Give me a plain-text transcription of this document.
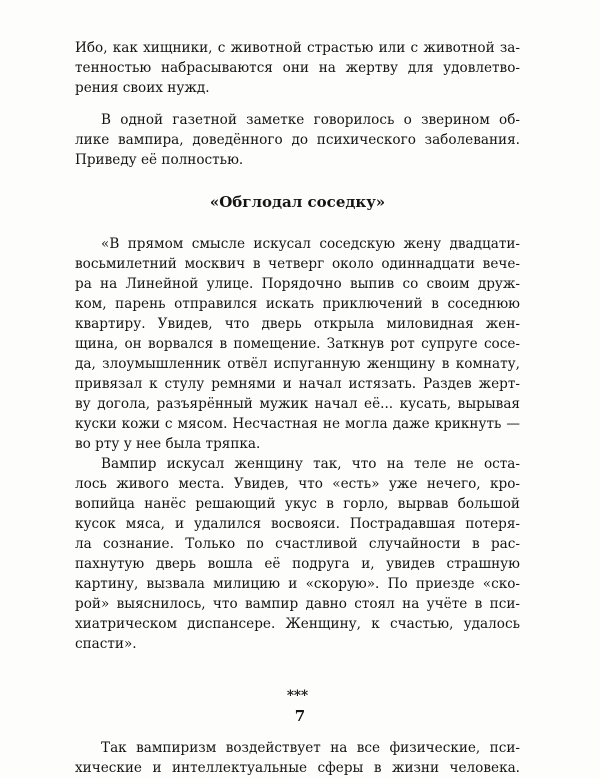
Ибо, как хищники, с животной страстью или с животной за-
тенностью набрасываются они на жертву для удовлетво-
рения своих нужд.
В одной газетной заметке говорилось о зверином об-
лике вампира, доведённого до психического заболевания.
Приведу её полностью.
«Обглодал соседку»
«В прямом смысле искусал соседскую жену двадцати-
восьмилетний москвич в четверг около одиннадцати вече-
ра на Линейной улице. Порядочно выпив со своим друж-
ком, парень отправился искать приключений в соседнюю
квартиру. Увидев, что дверь открыла миловидная жен-
щина, он ворвался в помещение. Заткнув рот супруге сосе-
да, злоумышленник отвёл испуганную женщину в комнату,
привязал к стулу ремнями и начал истязать. Раздев жерт-
ву догола, разъярённый мужик начал её... кусать, вырывая
куски кожи с мясом. Несчастная не могла даже крикнуть —
во рту у нее была тряпка.
Вампир искусал женщину так, что на теле не оста-
лось живого места. Увидев, что «есть» уже нечего, кро-
вопийца нанёс решающий укус в горло, вырвав большой
кусок мяса, и удалился восвояси. Пострадавшая потеря-
ла сознание. Только по счастливой случайности в рас-
пахнутую дверь вошла её подруга и, увидев страшную
картину, вызвала милицию и «скорую». По приезде «ско-
рой» выяснилось, что вампир давно стоял на учёте в пси-
хиатрическом диспансере. Женщину, к счастью, удалось
спасти».
***
Так вампиризм воздействует на все физические, пси-
хические и интеллектуальные сферы в жизни человека.
7
